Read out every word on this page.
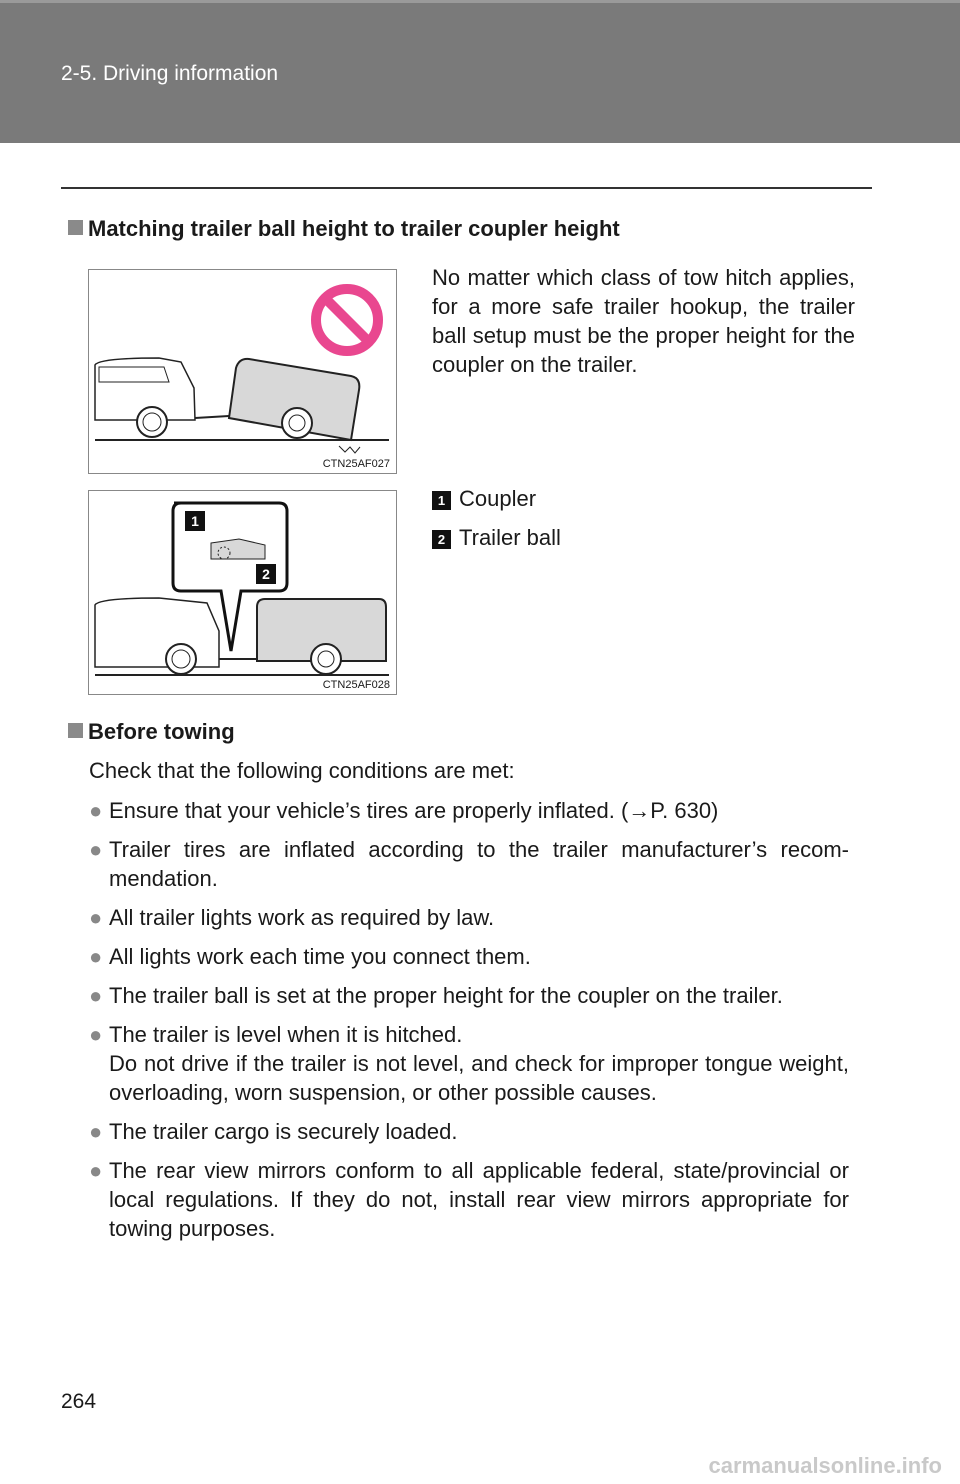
2-5. Driving information
Matching trailer ball height to trailer coupler height
CTN25AF027
1
2
CTN25AF028
No matter which class of tow hitch applies, for a more safe trailer hookup, the trailer ball setup must be the proper height for the coupler on the trailer.
1 Coupler
2 Trailer ball
Before towing
Check that the following conditions are met:
● Ensure that your vehicle’s tires are properly inflated. (→P. 630)
● Trailer tires are inflated according to the trailer manufacturer’s recom-mendation.
● All trailer lights work as required by law.
● All lights work each time you connect them.
● The trailer ball is set at the proper height for the coupler on the trailer.
● The trailer is level when it is hitched.
Do not drive if the trailer is not level, and check for improper tongue weight, overloading, worn suspension, or other possible causes.
● The trailer cargo is securely loaded.
● The rear view mirrors conform to all applicable federal, state/provincial or local regulations. If they do not, install rear view mirrors appropriate for towing purposes.
264
carmanualsonline.info
